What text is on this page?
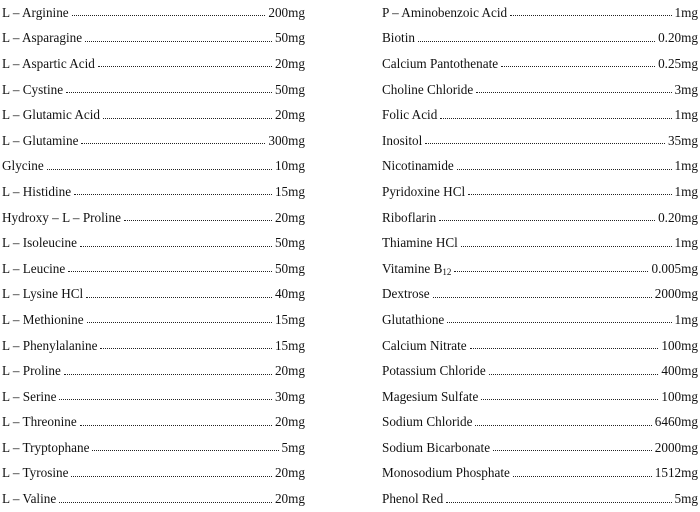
L – Arginine	200mg
L – Asparagine	50mg
L – Aspartic Acid	20mg
L – Cystine	50mg
L – Glutamic Acid	20mg
L – Glutamine	300mg
Glycine	10mg
L – Histidine	15mg
Hydroxy – L – Proline	20mg
L – Isoleucine	50mg
L – Leucine	50mg
L – Lysine HCl	40mg
L – Methionine	15mg
L – Phenylalanine	15mg
L – Proline	20mg
L – Serine	30mg
L – Threonine	20mg
L – Tryptophane	5mg
L – Tyrosine	20mg
L – Valine	20mg
P – Aminobenzoic Acid	1mg
Biotin	0.20mg
Calcium Pantothenate	0.25mg
Choline Chloride	3mg
Folic Acid	1mg
Inositol	35mg
Nicotinamide	1mg
Pyridoxine HCl	1mg
Riboflarin	0.20mg
Thiamine HCl	1mg
Vitamine $B_{12}$	0.005mg
Dextrose	2000mg
Glutathione	1mg
Calcium Nitrate	100mg
Potassium Chloride	400mg
Magesium Sulfate	100mg
Sodium Chloride	6460mg
Sodium Bicarbonate	2000mg
Monosodium Phosphate	1512mg
Phenol Red	5mg
